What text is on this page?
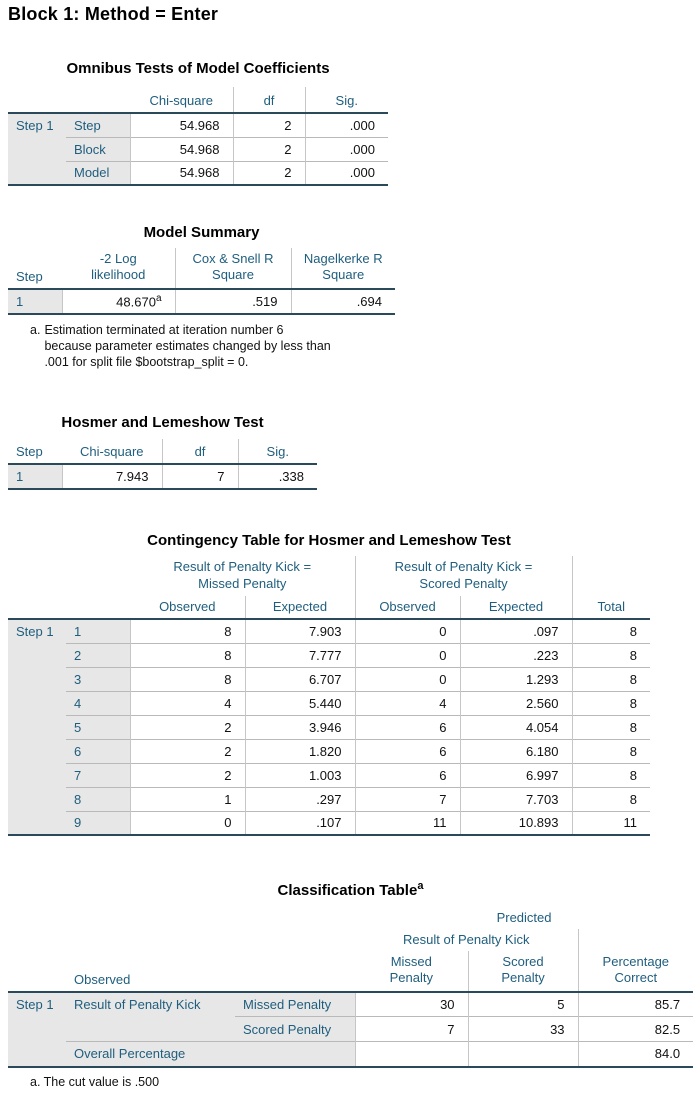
Block 1: Method = Enter
Omnibus Tests of Model Coefficients
		Chi-square	df	Sig.
Step 1	Step	54.968	2	.000
	Block	54.968	2	.000
	Model	54.968	2	.000
Model Summary
Step	-2 Log likelihood	Cox & Snell R Square	Nagelkerke R Square
1	48.670$^a$	.519	.694
a. Estimation terminated at iteration number 6 because parameter estimates changed by less than .001 for split file $bootstrap_split = 0.
Hosmer and Lemeshow Test
Step	Chi-square	df	Sig.
1	7.943	7	.338
Contingency Table for Hosmer and Lemeshow Test
		Result of Penalty Kick = Missed Penalty		Result of Penalty Kick = Scored Penalty		Total
		Observed	Expected	Observed	Expected	
Step 1	1	8	7.903	0	.097	8
	2	8	7.777	0	.223	8
	3	8	6.707	0	1.293	8
	4	4	5.440	4	2.560	8
	5	2	3.946	6	4.054	8
	6	2	1.820	6	6.180	8
	7	2	1.003	6	6.997	8
	8	1	.297	7	7.703	8
	9	0	.107	11	10.893	11
Classification Table$^a$
			Predicted		
			Result of Penalty Kick		Percentage Correct
	Observed		Missed Penalty	Scored Penalty	
Step 1	Result of Penalty Kick	Missed Penalty	30	5	85.7
		Scored Penalty	7	33	82.5
	Overall Percentage				84.0
a. The cut value is .500
